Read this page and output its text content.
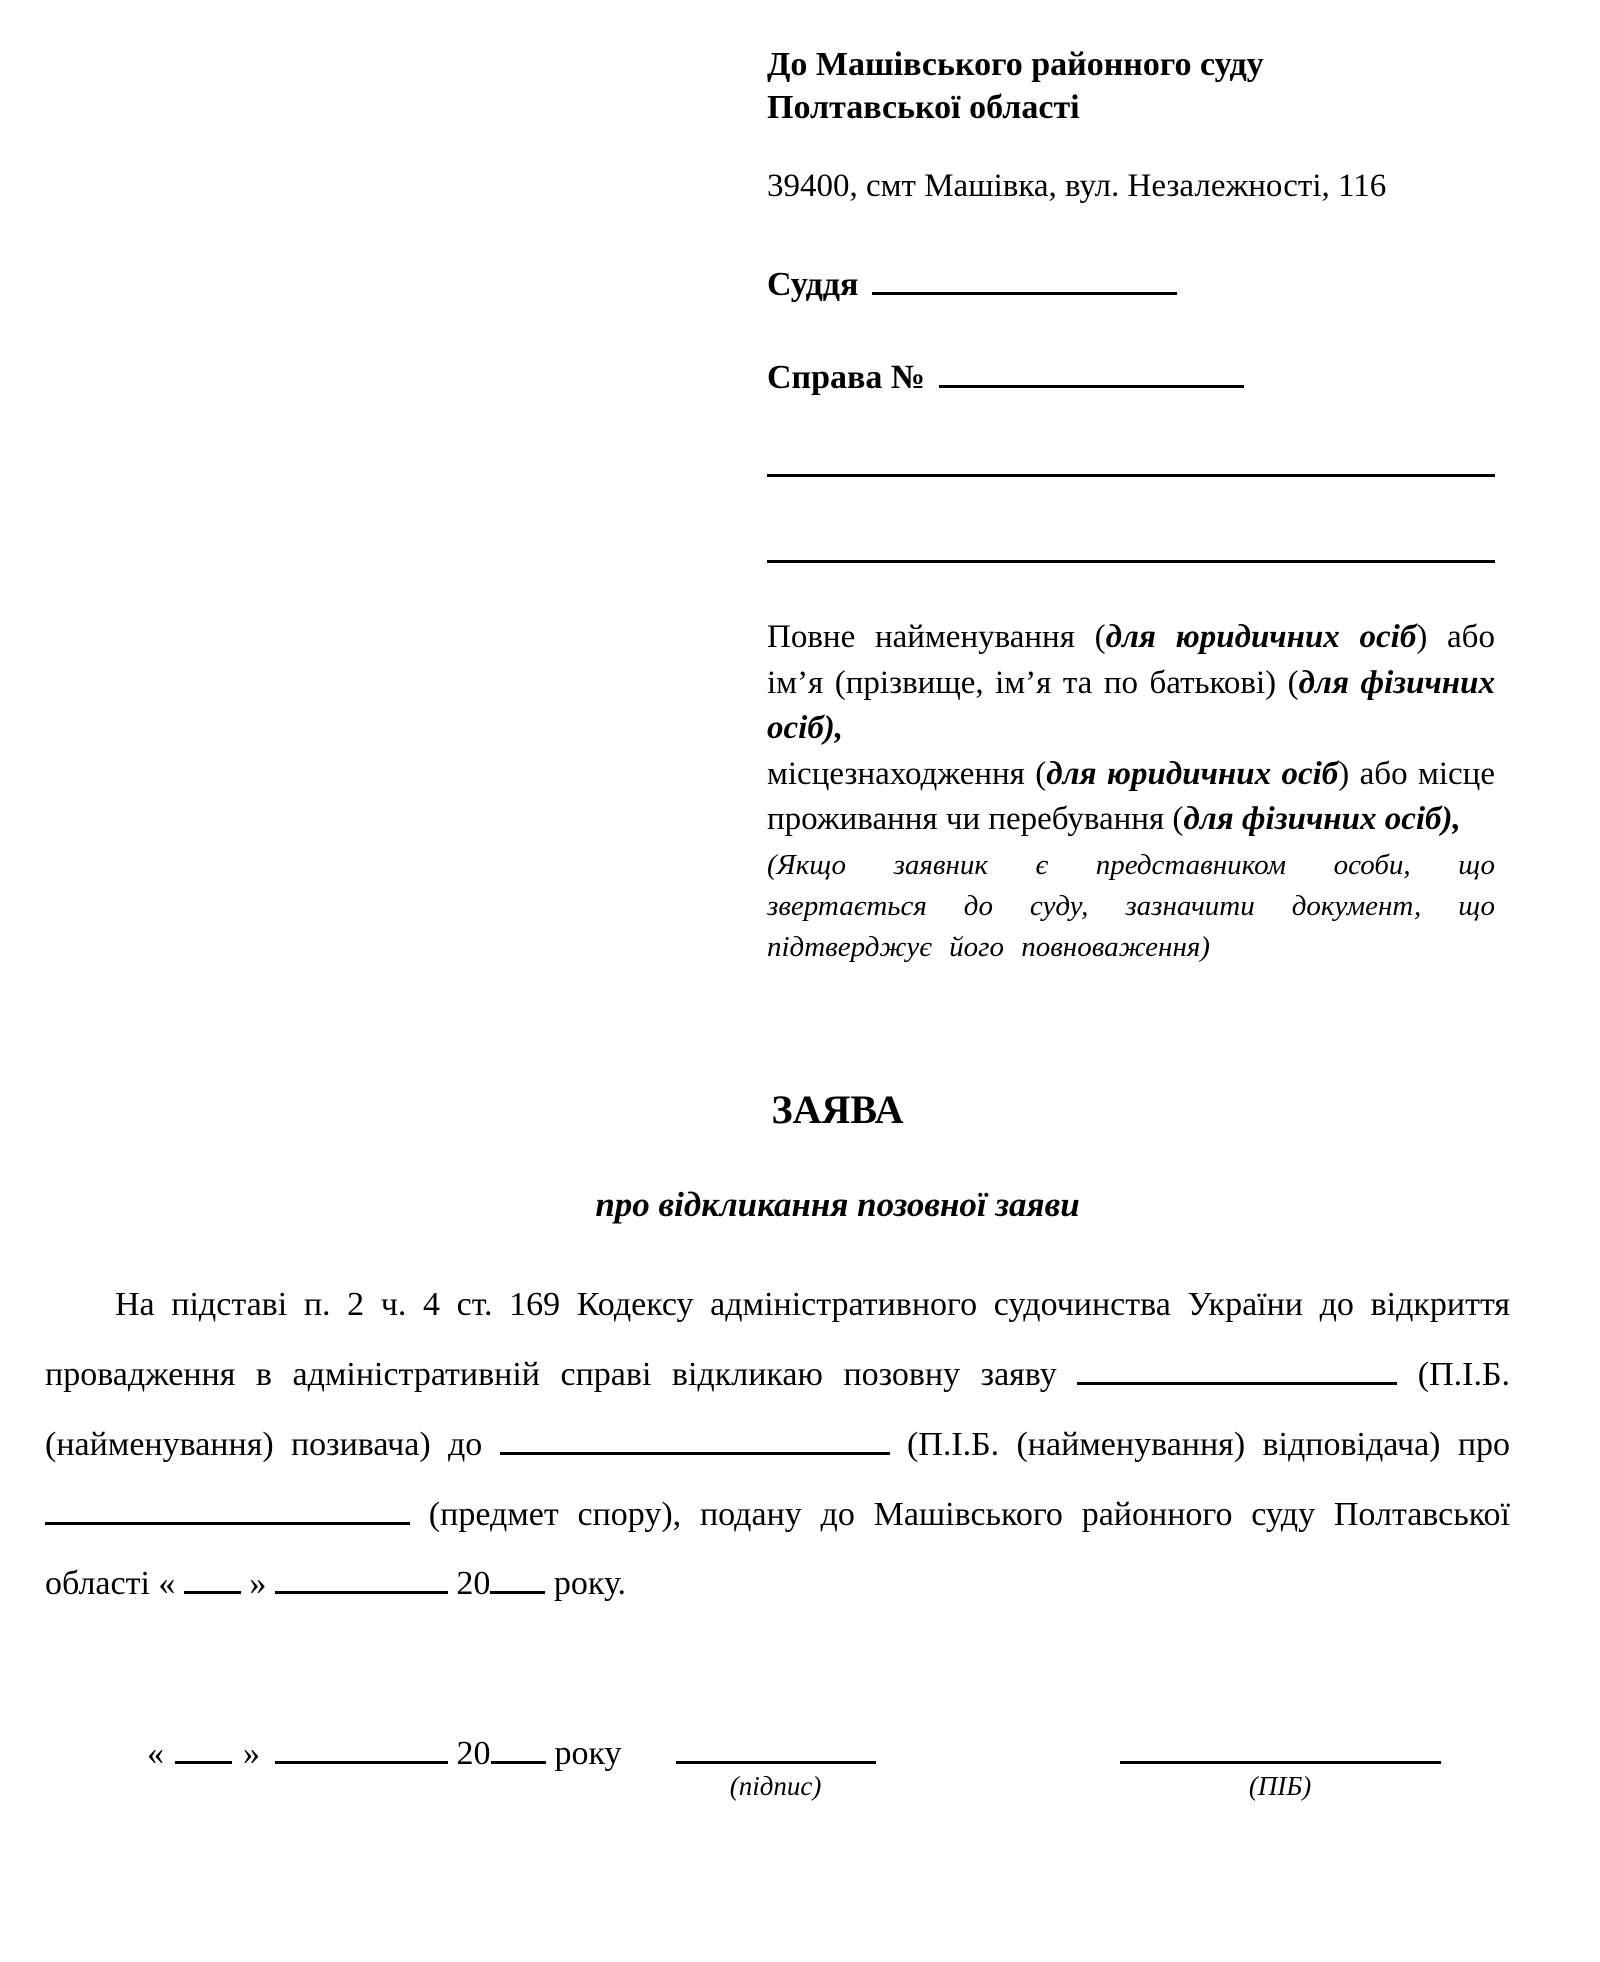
До Машівського районного суду
Полтавської області
39400, смт Машівка, вул. Незалежності, 116
Суддя
Справа №
Повне найменування (для юридичних осіб) або ім’я (прізвище, ім’я та по батькові) (для фізичних осіб),
місцезнаходження (для юридичних осіб) або місце проживання чи перебування (для фізичних осіб),
(Якщо заявник є представником особи, що звертається до суду, зазначити документ, що підтверджує його повноваження)
ЗАЯВА
про відкликання позовної заяви
На підставі п. 2 ч. 4 ст. 169 Кодексу адміністративного судочинства України до відкриття провадження в адміністративній справі відкликаю позовну заяву	(П.І.Б. (найменування) позивача) до	(П.І.Б. (найменування) відповідача) про  (предмет спору), подану до Машівського районного суду Полтавської області « »	20 року.
« »	20 року
(підпис)	(ПІБ)
